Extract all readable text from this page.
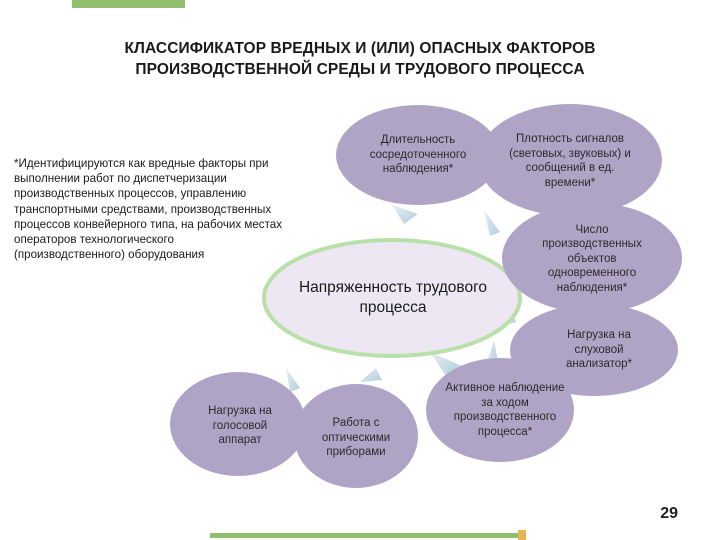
КЛАССИФИКАТОР ВРЕДНЫХ И (ИЛИ) ОПАСНЫХ ФАКТОРОВ
ПРОИЗВОДСТВЕННОЙ СРЕДЫ И ТРУДОВОГО ПРОЦЕССА
*Идентифицируются как вредные факторы при выполнении работ по диспетчеризации производственных процессов, управлению транспортными средствами, производственных процессов конвейерного типа, на рабочих местах операторов технологического (производственного) оборудования
Длительность сосредоточенного наблюдения*
Плотность сигналов (световых, звуковых) и сообщений в ед. времени*
Число производственных объектов одновременного наблюдения*
Нагрузка на слуховой анализатор*
Активное наблюдение за ходом производственного процесса*
Работа с оптическими приборами
Нагрузка на голосовой аппарат
Напряженность трудового процесса
29
